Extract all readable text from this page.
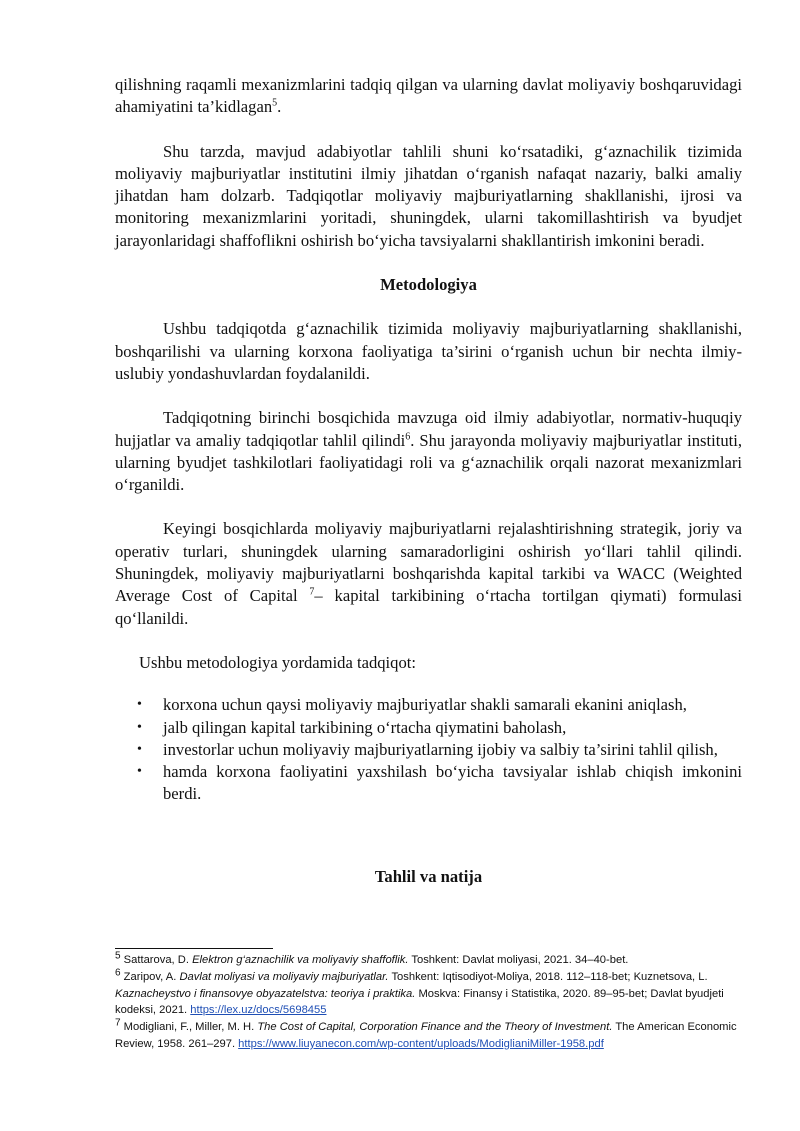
qilishning raqamli mexanizmlarini tadqiq qilgan va ularning davlat moliyaviy boshqaruvidagi ahamiyatini ta’kidlagan$^5$.

Shu tarzda, mavjud adabiyotlar tahlili shuni ko‘rsatadiki, g‘aznachilik tizimida moliyaviy majburiyatlar institutini ilmiy jihatdan o‘rganish nafaqat nazariy, balki amaliy jihatdan ham dolzarb. Tadqiqotlar moliyaviy majburiyatlarning shakllanishi, ijrosi va monitoring mexanizmlarini yoritadi, shuningdek, ularni takomillashtirish va byudjet jarayonlaridagi shaffoflikni oshirish bo‘yicha tavsiyalarni shakllantirish imkonini beradi.

Metodologiya

Ushbu tadqiqotda g‘aznachilik tizimida moliyaviy majburiyatlarning shakllanishi, boshqarilishi va ularning korxona faoliyatiga ta’sirini o‘rganish uchun bir nechta ilmiy-uslubiy yondashuvlardan foydalanildi.

Tadqiqotning birinchi bosqichida mavzuga oid ilmiy adabiyotlar, normativ-huquqiy hujjatlar va amaliy tadqiqotlar tahlil qilindi$^6$. Shu jarayonda moliyaviy majburiyatlar instituti, ularning byudjet tashkilotlari faoliyatidagi roli va g‘aznachilik orqali nazorat mexanizmlari o‘rganildi.

Keyingi bosqichlarda moliyaviy majburiyatlarni rejalashtirishning strategik, joriy va operativ turlari, shuningdek ularning samaradorligini oshirish yo‘llari tahlil qilindi. Shuningdek, moliyaviy majburiyatlarni boshqarishda kapital tarkibi va WACC (Weighted Average Cost of Capital $^7$– kapital tarkibining o‘rtacha tortilgan qiymati) formulasi qo‘llanildi.

Ushbu metodologiya yordamida tadqiqot:

• korxona uchun qaysi moliyaviy majburiyatlar shakli samarali ekanini aniqlash,
• jalb qilingan kapital tarkibining o‘rtacha qiymatini baholash,
• investorlar uchun moliyaviy majburiyatlarning ijobiy va salbiy ta’sirini tahlil qilish,
• hamda korxona faoliyatini yaxshilash bo‘yicha tavsiyalar ishlab chiqish imkonini berdi.
Tahlil va natija

$^5$ Sattarova, D. Elektron g‘aznachilik va moliyaviy shaffoflik. Toshkent: Davlat moliyasi, 2021. 34–40-bet.

$^6$ Zaripov, A. Davlat moliyasi va moliyaviy majburiyatlar. Toshkent: Iqtisodiyot-Moliya, 2018. 112–118-bet; Kuznetsova, L. Kaznacheystvo i finansovye obyazatelstva: teoriya i praktika. Moskva: Finansy i Statistika, 2020. 89–95-bet; Davlat byudjeti kodeksi, 2021. https://lex.uz/docs/5698455

$^7$ Modigliani, F., Miller, M. H. The Cost of Capital, Corporation Finance and the Theory of Investment. The American Economic Review, 1958. 261–297. https://www.liuyanecon.com/wp-content/uploads/ModiglianiMiller-1958.pdf
